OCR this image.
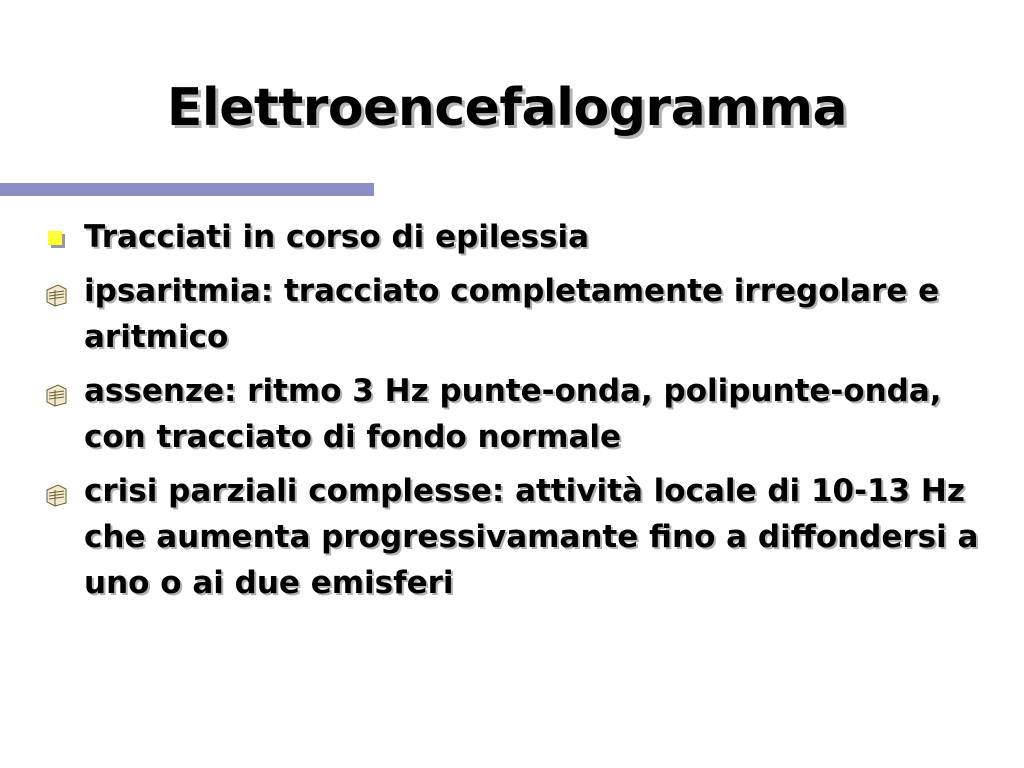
Elettroencefalogramma
Tracciati in corso di epilessia
ipsaritmia: tracciato completamente irregolare e aritmico
assenze: ritmo 3 Hz punte-onda, polipunte-onda, con tracciato di fondo normale
crisi parziali complesse: attività locale di 10-13 Hz che aumenta progressivamante fino a diffondersi a uno o ai due emisferi
